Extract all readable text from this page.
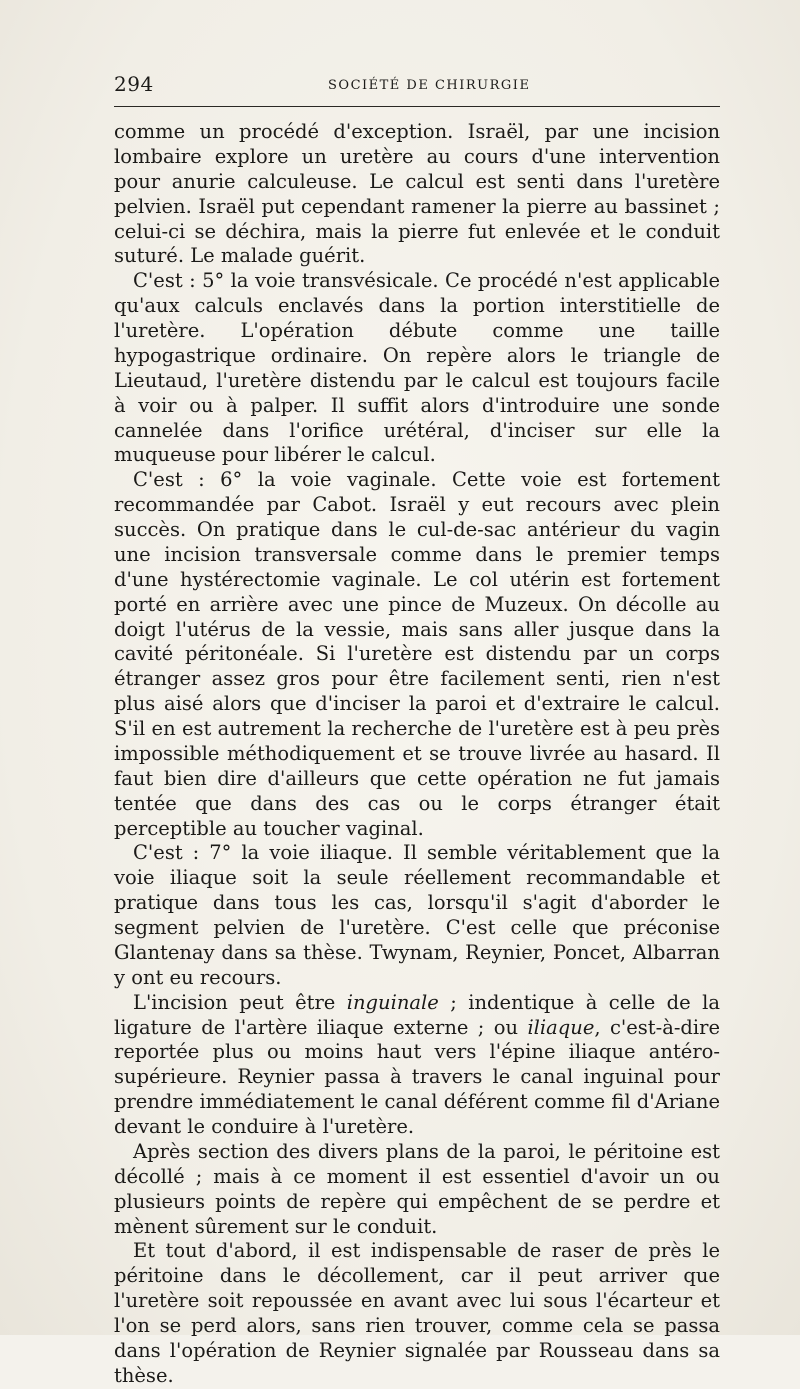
294	SOCIÉTÉ DE CHIRURGIE

comme un procédé d'exception. Israël, par une incision lombaire explore un uretère au cours d'une intervention pour anurie calculeuse. Le calcul est senti dans l'uretère pelvien. Israël put cependant ramener la pierre au bassinet ; celui-ci se déchira, mais la pierre fut enlevée et le conduit suturé. Le malade guérit.

C'est : 5° la voie transvésicale. Ce procédé n'est applicable qu'aux calculs enclavés dans la portion interstitielle de l'uretère. L'opération débute comme une taille hypogastrique ordinaire. On repère alors le triangle de Lieutaud, l'uretère distendu par le calcul est toujours facile à voir ou à palper. Il suffit alors d'introduire une sonde cannelée dans l'orifice urétéral, d'inciser sur elle la muqueuse pour libérer le calcul.

C'est : 6° la voie vaginale. Cette voie est fortement recommandée par Cabot. Israël y eut recours avec plein succès. On pratique dans le cul-de-sac antérieur du vagin une incision transversale comme dans le premier temps d'une hystérectomie vaginale. Le col utérin est fortement porté en arrière avec une pince de Muzeux. On décolle au doigt l'utérus de la vessie, mais sans aller jusque dans la cavité péritonéale. Si l'uretère est distendu par un corps étranger assez gros pour être facilement senti, rien n'est plus aisé alors que d'inciser la paroi et d'extraire le calcul. S'il en est autrement la recherche de l'uretère est à peu près impossible méthodiquement et se trouve livrée au hasard. Il faut bien dire d'ailleurs que cette opération ne fut jamais tentée que dans des cas ou le corps étranger était perceptible au toucher vaginal.

C'est : 7° la voie iliaque. Il semble véritablement que la voie iliaque soit la seule réellement recommandable et pratique dans tous les cas, lorsqu'il s'agit d'aborder le segment pelvien de l'uretère. C'est celle que préconise Glantenay dans sa thèse. Twynam, Reynier, Poncet, Albarran y ont eu recours.

L'incision peut être inguinale ; indentique à celle de la ligature de l'artère iliaque externe ; ou iliaque, c'est-à-dire reportée plus ou moins haut vers l'épine iliaque antéro-supérieure. Reynier passa à travers le canal inguinal pour prendre immédiatement le canal déférent comme fil d'Ariane devant le conduire à l'uretère.

Après section des divers plans de la paroi, le péritoine est décollé ; mais à ce moment il est essentiel d'avoir un ou plusieurs points de repère qui empêchent de se perdre et mènent sûrement sur le conduit.

Et tout d'abord, il est indispensable de raser de près le péritoine dans le décollement, car il peut arriver que l'uretère soit repoussée en avant avec lui sous l'écarteur et l'on se perd alors, sans rien trouver, comme cela se passa dans l'opération de Reynier signalée par Rousseau dans sa thèse.
